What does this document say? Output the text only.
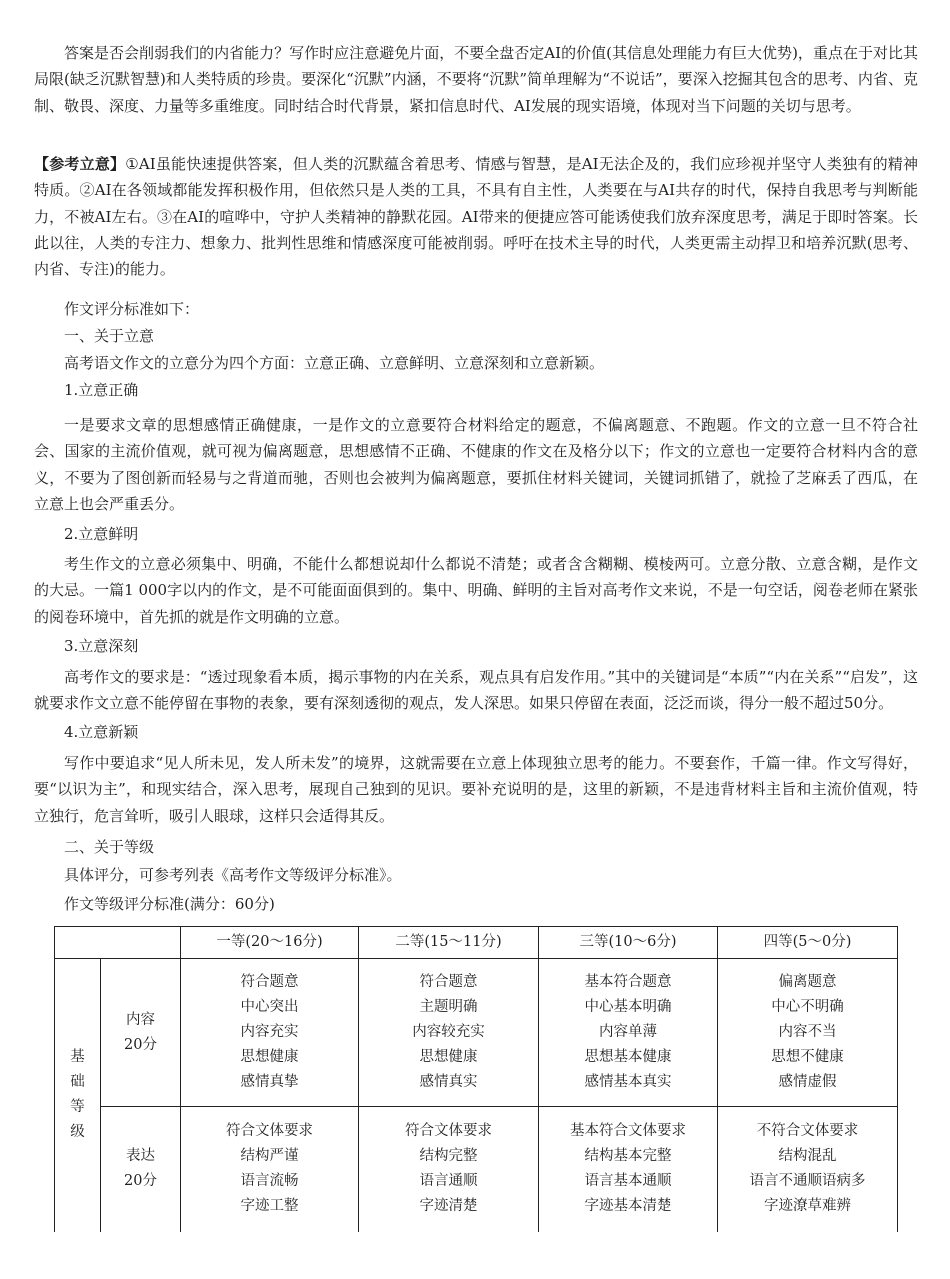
答案是否会削弱我们的内省能力？写作时应注意避免片面，不要全盘否定AI的价值(其信息处理能力有巨大优势)，重点在于对比其局限(缺乏沉默智慧)和人类特质的珍贵。要深化“沉默”内涵，不要将“沉默”简单理解为“不说话”，要深入挖掘其包含的思考、内省、克制、敬畏、深度、力量等多重维度。同时结合时代背景，紧扣信息时代、AI发展的现实语境，体现对当下问题的关切与思考。

【参考立意】①AI虽能快速提供答案，但人类的沉默蕴含着思考、情感与智慧，是AI无法企及的，我们应珍视并坚守人类独有的精神特质。②AI在各领域都能发挥积极作用，但依然只是人类的工具，不具有自主性，人类要在与AI共存的时代，保持自我思考与判断能力，不被AI左右。③在AI的喧哗中，守护人类精神的静默花园。AI带来的便捷应答可能诱使我们放弃深度思考，满足于即时答案。长此以往，人类的专注力、想象力、批判性思维和情感深度可能被削弱。呼吁在技术主导的时代，人类更需主动捍卫和培养沉默(思考、内省、专注)的能力。

作文评分标准如下：

一、关于立意

高考语文作文的立意分为四个方面：立意正确、立意鲜明、立意深刻和立意新颖。

1.立意正确

一是要求文章的思想感情正确健康，一是作文的立意要符合材料给定的题意，不偏离题意、不跑题。作文的立意一旦不符合社会、国家的主流价值观，就可视为偏离题意，思想感情不正确、不健康的作文在及格分以下；作文的立意也一定要符合材料内含的意义，不要为了图创新而轻易与之背道而驰，否则也会被判为偏离题意，要抓住材料关键词，关键词抓错了，就捡了芝麻丢了西瓜，在立意上也会严重丢分。

2.立意鲜明

考生作文的立意必须集中、明确，不能什么都想说却什么都说不清楚；或者含含糊糊、模棱两可。立意分散、立意含糊，是作文的大忌。一篇1 000字以内的作文，是不可能面面俱到的。集中、明确、鲜明的主旨对高考作文来说，不是一句空话，阅卷老师在紧张的阅卷环境中，首先抓的就是作文明确的立意。

3.立意深刻

高考作文的要求是：“透过现象看本质，揭示事物的内在关系，观点具有启发作用。”其中的关键词是“本质”“内在关系”“启发”，这就要求作文立意不能停留在事物的表象，要有深刻透彻的观点，发人深思。如果只停留在表面，泛泛而谈，得分一般不超过50分。

4.立意新颖

写作中要追求“见人所未见，发人所未发”的境界，这就需要在立意上体现独立思考的能力。不要套作，千篇一律。作文写得好，要“以识为主”，和现实结合，深入思考，展现自己独到的见识。要补充说明的是，这里的新颖，不是违背材料主旨和主流价值观，特立独行，危言耸听，吸引人眼球，这样只会适得其反。

二、关于等级

具体评分，可参考列表《高考作文等级评分标准》。

作文等级评分标准(满分：60分)

		一等(20～16分)	二等(15～11分)	三等(10～6分)	四等(5～0分)

基
础
等
级	内容
20分	符合题意
中心突出
内容充实
思想健康
感情真挚	符合题意
主题明确
内容较充实
思想健康
感情真实	基本符合题意
中心基本明确
内容单薄
思想基本健康
感情基本真实	偏离题意
中心不明确
内容不当
思想不健康
感情虚假

	表达
20分	符合文体要求
结构严谨
语言流畅
字迹工整	符合文体要求
结构完整
语言通顺
字迹清楚	基本符合文体要求
结构基本完整
语言基本通顺
字迹基本清楚	不符合文体要求
结构混乱
语言不通顺语病多
字迹潦草难辨
